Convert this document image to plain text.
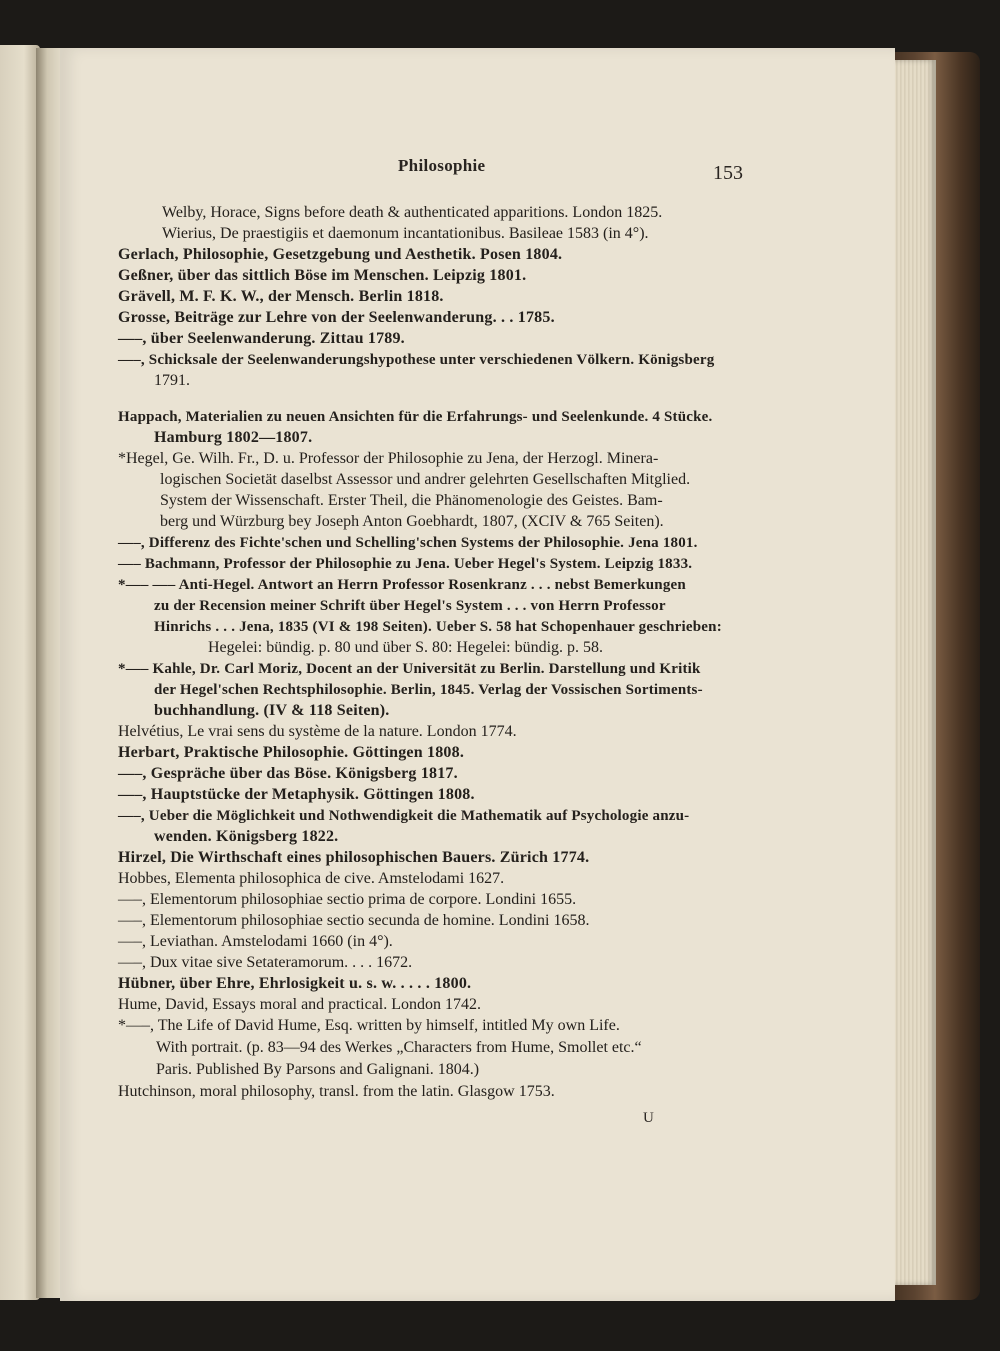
Philosophie	153
Welby, Horace, Signs before death & authenticated apparitions. London 1825.
Wierius, De praestigiis et daemonum incantationibus. Basileae 1583 (in 4°).
Gerlach, Philosophie, Gesetzgebung und Aesthetik. Posen 1804.
Geßner, über das sittlich Böse im Menschen. Leipzig 1801.
Grävell, M. F. K. W., der Mensch. Berlin 1818.
Grosse, Beiträge zur Lehre von der Seelenwanderung. . . 1785.
—–, über Seelenwanderung. Zittau 1789.
—–, Schicksale der Seelenwanderungshypothese unter verschiedenen Völkern. Königsberg
1791.
Happach, Materialien zu neuen Ansichten für die Erfahrungs- und Seelenkunde. 4 Stücke.
Hamburg 1802—1807.
*Hegel, Ge. Wilh. Fr., D. u. Professor der Philosophie zu Jena, der Herzogl. Minera-
logischen Societät daselbst Assessor und andrer gelehrten Gesellschaften Mitglied.
System der Wissenschaft. Erster Theil, die Phänomenologie des Geistes. Bam-
berg und Würzburg bey Joseph Anton Goebhardt, 1807, (XCIV & 765 Seiten).
—–, Differenz des Fichte'schen und Schelling'schen Systems der Philosophie. Jena 1801.
—– Bachmann, Professor der Philosophie zu Jena. Ueber Hegel's System. Leipzig 1833.
*—– —– Anti-Hegel. Antwort an Herrn Professor Rosenkranz . . . nebst Bemerkungen
zu der Recension meiner Schrift über Hegel's System . . . von Herrn Professor
Hinrichs . . . Jena, 1835 (VI & 198 Seiten). Ueber S. 58 hat Schopenhauer geschrieben:
Hegelei: bündig. p. 80 und über S. 80: Hegelei: bündig. p. 58.
*—– Kahle, Dr. Carl Moriz, Docent an der Universität zu Berlin. Darstellung und Kritik
der Hegel'schen Rechtsphilosophie. Berlin, 1845. Verlag der Vossischen Sortiments-
buchhandlung. (IV & 118 Seiten).
Helvétius, Le vrai sens du système de la nature. London 1774.
Herbart, Praktische Philosophie. Göttingen 1808.
—–, Gespräche über das Böse. Königsberg 1817.
—–, Hauptstücke der Metaphysik. Göttingen 1808.
—–, Ueber die Möglichkeit und Nothwendigkeit die Mathematik auf Psychologie anzu-
wenden. Königsberg 1822.
Hirzel, Die Wirthschaft eines philosophischen Bauers. Zürich 1774.
Hobbes, Elementa philosophica de cive. Amstelodami 1627.
—–, Elementorum philosophiae sectio prima de corpore. Londini 1655.
—–, Elementorum philosophiae sectio secunda de homine. Londini 1658.
—–, Leviathan. Amstelodami 1660 (in 4°).
—–, Dux vitae sive Setateramorum. . . . 1672.
Hübner, über Ehre, Ehrlosigkeit u. s. w. . . . . 1800.
Hume, David, Essays moral and practical. London 1742.
*—–, The Life of David Hume, Esq. written by himself, intitled My own Life.
With portrait. (p. 83—94 des Werkes „Characters from Hume, Smollet etc.“
Paris. Published By Parsons and Galignani. 1804.)
Hutchinson, moral philosophy, transl. from the latin. Glasgow 1753.
U
